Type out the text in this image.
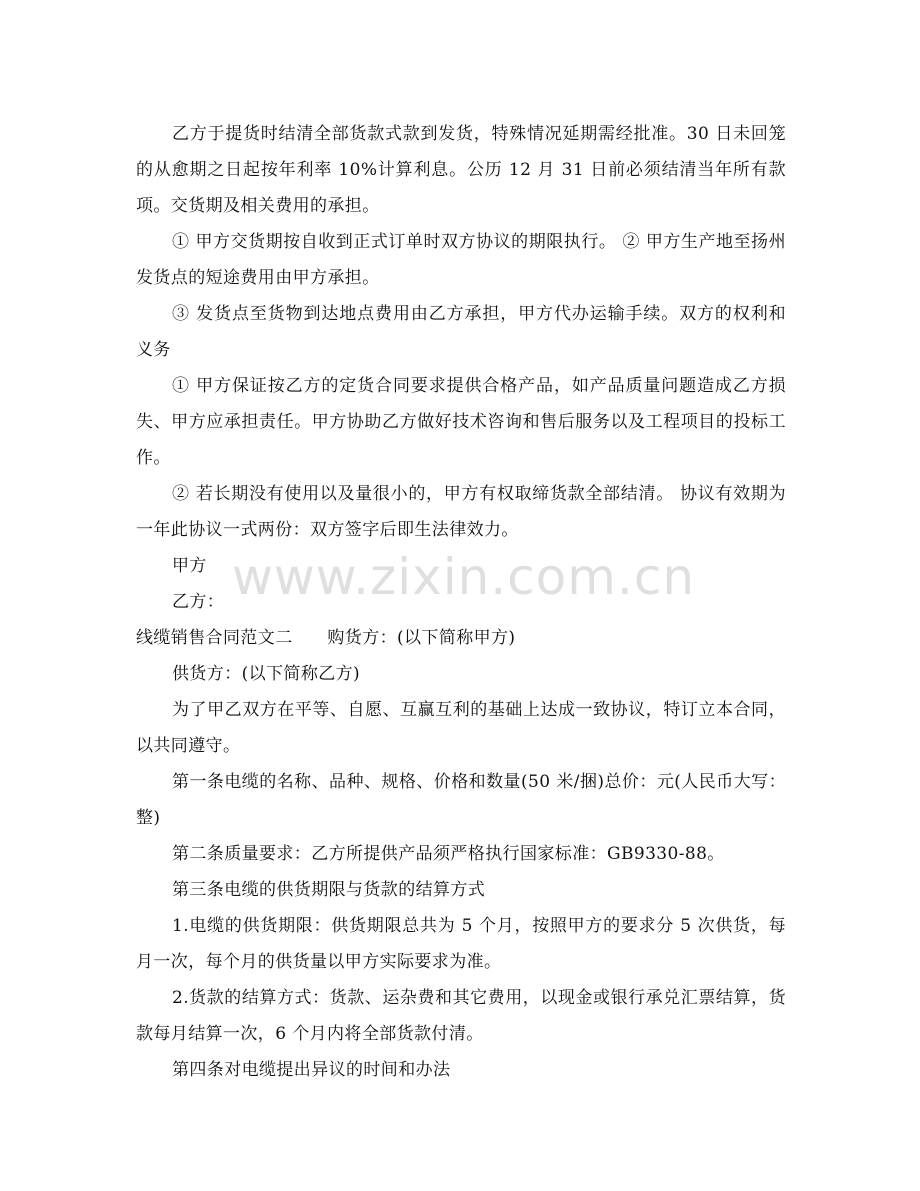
乙方于提货时结清全部货款式款到发货，特殊情况延期需经批准。30 日未回笼的从愈期之日起按年利率 10%计算利息。公历 12 月 31 日前必须结清当年所有款项。交货期及相关费用的承担。

① 甲方交货期按自收到正式订单时双方协议的期限执行。 ② 甲方生产地至扬州发货点的短途费用由甲方承担。

③ 发货点至货物到达地点费用由乙方承担，甲方代办运输手续。双方的权利和义务

① 甲方保证按乙方的定货合同要求提供合格产品，如产品质量问题造成乙方损失、甲方应承担责任。甲方协助乙方做好技术咨询和售后服务以及工程项目的投标工作。

② 若长期没有使用以及量很小的，甲方有权取缔货款全部结清。 协议有效期为一年此协议一式两份：双方签字后即生法律效力。

甲方

乙方：

线缆销售合同范文二　　购货方：(以下简称甲方)

供货方：(以下简称乙方)

为了甲乙双方在平等、自愿、互赢互利的基础上达成一致协议，特订立本合同，以共同遵守。

第一条电缆的名称、品种、规格、价格和数量(50 米/捆)总价：元(人民币大写：整)

第二条质量要求：乙方所提供产品须严格执行国家标准：GB9330-88。

第三条电缆的供货期限与货款的结算方式

1.电缆的供货期限：供货期限总共为 5 个月，按照甲方的要求分 5 次供货，每月一次，每个月的供货量以甲方实际要求为准。

2.货款的结算方式：货款、运杂费和其它费用，以现金或银行承兑汇票结算，货款每月结算一次，6 个月内将全部货款付清。

第四条对电缆提出异议的时间和办法

www.zixin.com.cn
